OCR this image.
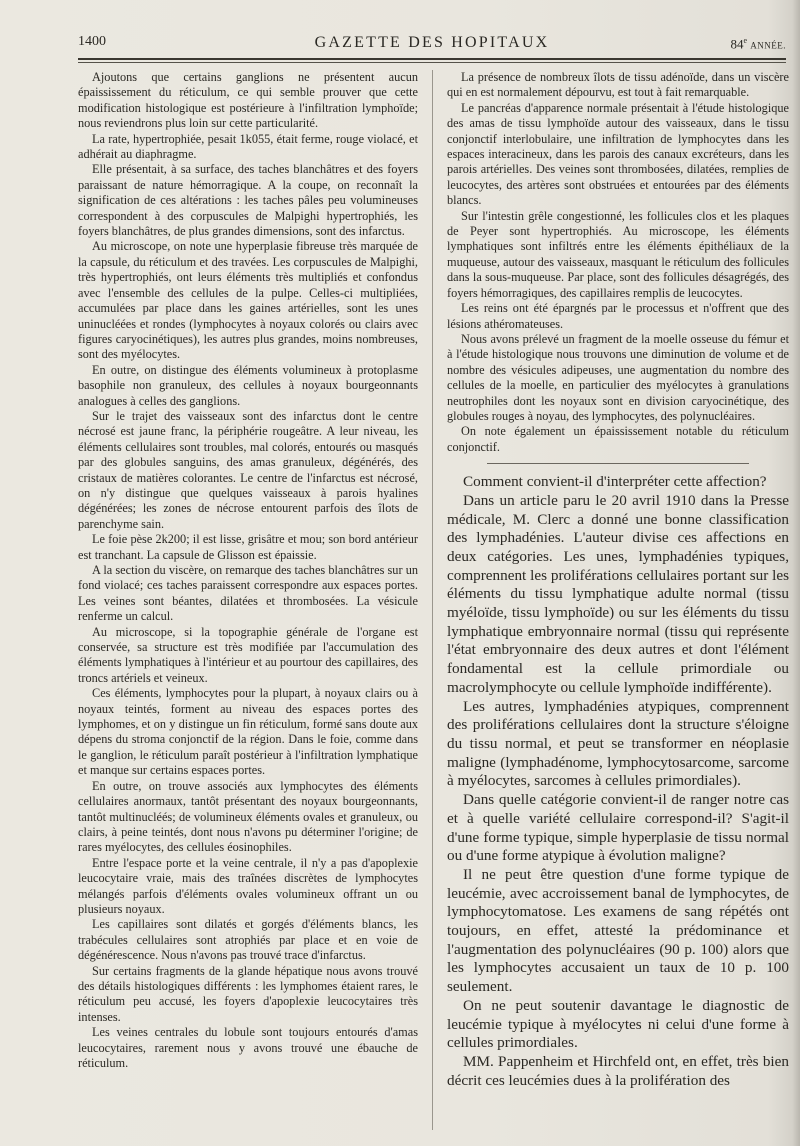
1400	GAZETTE DES HOPITAUX	84e ANNÉE.

Ajoutons que certains ganglions ne présentent aucun épaississement du réticulum, ce qui semble prouver que cette modification histologique est postérieure à l'infiltration lymphoïde; nous reviendrons plus loin sur cette particularité.

La rate, hypertrophiée, pesait 1k055, était ferme, rouge violacé, et adhérait au diaphragme.

Elle présentait, à sa surface, des taches blanchâtres et des foyers paraissant de nature hémorragique. A la coupe, on reconnaît la signification de ces altérations : les taches pâles peu volumineuses correspondent à des corpuscules de Malpighi hypertrophiés, les foyers blanchâtres, de plus grandes dimensions, sont des infarctus.

Au microscope, on note une hyperplasie fibreuse très marquée de la capsule, du réticulum et des travées. Les corpuscules de Malpighi, très hypertrophiés, ont leurs éléments très multipliés et confondus avec l'ensemble des cellules de la pulpe. Celles-ci multipliées, accumulées par place dans les gaines artérielles, sont les unes uninucléées et rondes (lymphocytes à noyaux colorés ou clairs avec figures caryocinétiques), les autres plus grandes, moins nombreuses, sont des myélocytes.

En outre, on distingue des éléments volumineux à protoplasme basophile non granuleux, des cellules à noyaux bourgeonnants analogues à celles des ganglions.

Sur le trajet des vaisseaux sont des infarctus dont le centre nécrosé est jaune franc, la périphérie rougeâtre. A leur niveau, les éléments cellulaires sont troubles, mal colorés, entourés ou masqués par des globules sanguins, des amas granuleux, dégénérés, des cristaux de matières colorantes. Le centre de l'infarctus est nécrosé, on n'y distingue que quelques vaisseaux à parois hyalines dégénérées; les zones de nécrose entourent parfois des îlots de parenchyme sain.

Le foie pèse 2k200; il est lisse, grisâtre et mou; son bord antérieur est tranchant. La capsule de Glisson est épaissie.

A la section du viscère, on remarque des taches blanchâtres sur un fond violacé; ces taches paraissent correspondre aux espaces portes. Les veines sont béantes, dilatées et thrombosées. La vésicule renferme un calcul.

Au microscope, si la topographie générale de l'organe est conservée, sa structure est très modifiée par l'accumulation des éléments lymphatiques à l'intérieur et au pourtour des capillaires, des troncs artériels et veineux.

Ces éléments, lymphocytes pour la plupart, à noyaux clairs ou à noyaux teintés, forment au niveau des espaces portes des lymphomes, et on y distingue un fin réticulum, formé sans doute aux dépens du stroma conjonctif de la région. Dans le foie, comme dans le ganglion, le réticulum paraît postérieur à l'infiltration lymphatique et manque sur certains espaces portes.

En outre, on trouve associés aux lymphocytes des éléments cellulaires anormaux, tantôt présentant des noyaux bourgeonnants, tantôt multinucléés; de volumineux éléments ovales et granuleux, ou clairs, à peine teintés, dont nous n'avons pu déterminer l'origine; de rares myélocytes, des cellules éosinophiles.

Entre l'espace porte et la veine centrale, il n'y a pas d'apoplexie leucocytaire vraie, mais des traînées discrètes de lymphocytes mélangés parfois d'éléments ovales volumineux offrant un ou plusieurs noyaux.

Les capillaires sont dilatés et gorgés d'éléments blancs, les trabécules cellulaires sont atrophiés par place et en voie de dégénérescence. Nous n'avons pas trouvé trace d'infarctus.

Sur certains fragments de la glande hépatique nous avons trouvé des détails histologiques différents : les lymphomes étaient rares, le réticulum peu accusé, les foyers d'apoplexie leucocytaires très intenses.

Les veines centrales du lobule sont toujours entourés d'amas leucocytaires, rarement nous y avons trouvé une ébauche de réticulum.

La présence de nombreux îlots de tissu adénoïde, dans un viscère qui en est normalement dépourvu, est tout à fait remarquable.

Le pancréas d'apparence normale présentait à l'étude histologique des amas de tissu lymphoïde autour des vaisseaux, dans le tissu conjonctif interlobulaire, une infiltration de lymphocytes dans les espaces interacineux, dans les parois des canaux excréteurs, dans les parois artérielles. Des veines sont thrombosées, dilatées, remplies de leucocytes, des artères sont obstruées et entourées par des éléments blancs.

Sur l'intestin grêle congestionné, les follicules clos et les plaques de Peyer sont hypertrophiés. Au microscope, les éléments lymphatiques sont infiltrés entre les éléments épithéliaux de la muqueuse, autour des vaisseaux, masquant le réticulum des follicules dans la sous-muqueuse. Par place, sont des follicules désagrégés, des foyers hémorragiques, des capillaires remplis de leucocytes.

Les reins ont été épargnés par le processus et n'offrent que des lésions athéromateuses.

Nous avons prélevé un fragment de la moelle osseuse du fémur et à l'étude histologique nous trouvons une diminution de volume et de nombre des vésicules adipeuses, une augmentation du nombre des cellules de la moelle, en particulier des myélocytes à granulations neutrophiles dont les noyaux sont en division caryocinétique, des globules rouges à noyau, des lymphocytes, des polynucléaires.

On note également un épaississement notable du réticulum conjonctif.

Comment convient-il d'interpréter cette affection?

Dans un article paru le 20 avril 1910 dans la Presse médicale, M. Clerc a donné une bonne classification des lymphadénies. L'auteur divise ces affections en deux catégories. Les unes, lymphadénies typiques, comprennent les proliférations cellulaires portant sur les éléments du tissu lymphatique adulte normal (tissu myéloïde, tissu lymphoïde) ou sur les éléments du tissu lymphatique embryonnaire normal (tissu qui représente l'état embryonnaire des deux autres et dont l'élément fondamental est la cellule primordiale ou macrolymphocyte ou cellule lymphoïde indifférente).

Les autres, lymphadénies atypiques, comprennent des proliférations cellulaires dont la structure s'éloigne du tissu normal, et peut se transformer en néoplasie maligne (lymphadénome, lymphocytosarcome, sarcome à myélocytes, sarcomes à cellules primordiales).

Dans quelle catégorie convient-il de ranger notre cas et à quelle variété cellulaire correspond-il? S'agit-il d'une forme typique, simple hyperplasie de tissu normal ou d'une forme atypique à évolution maligne?

Il ne peut être question d'une forme typique de leucémie, avec accroissement banal de lymphocytes, de lymphocytomatose. Les examens de sang répétés ont toujours, en effet, attesté la prédominance et l'augmentation des polynucléaires (90 p. 100) alors que les lymphocytes accusaient un taux de 10 p. 100 seulement.

On ne peut soutenir davantage le diagnostic de leucémie typique à myélocytes ni celui d'une forme à cellules primordiales.

MM. Pappenheim et Hirchfeld ont, en effet, très bien décrit ces leucémies dues à la prolifération des
